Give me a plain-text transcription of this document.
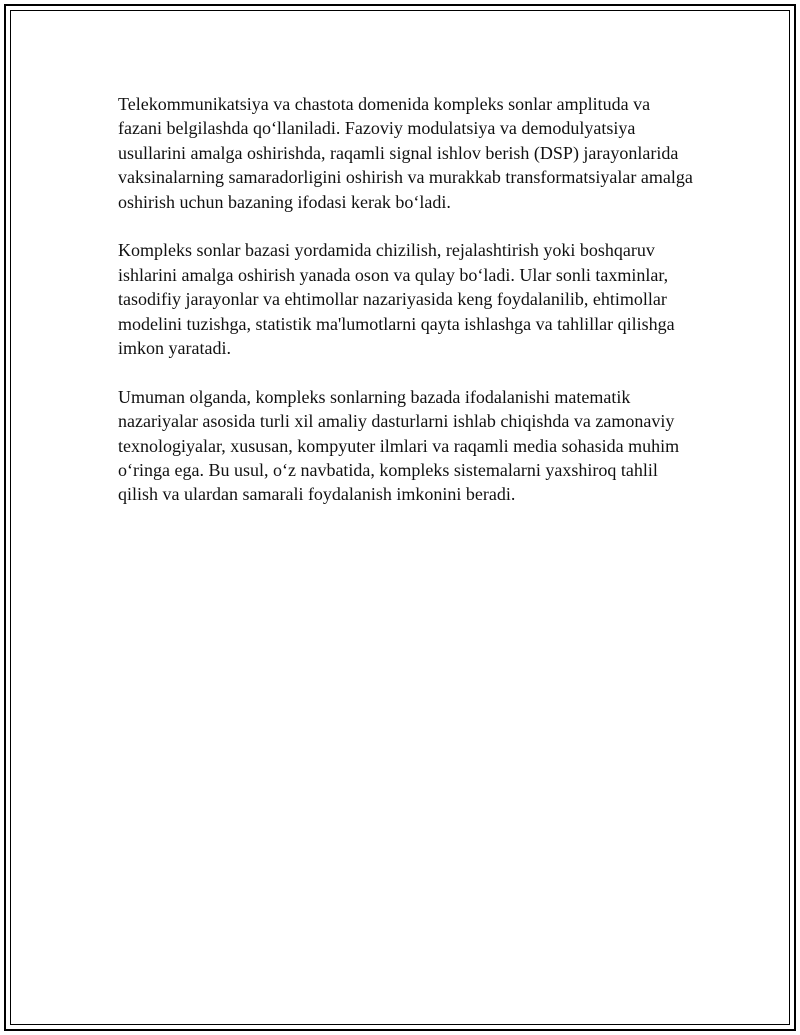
Telekommunikatsiya va chastota domenida kompleks sonlar amplituda va fazani belgilashda qo‘llaniladi. Fazoviy modulatsiya va demodulyatsiya usullarini amalga oshirishda, raqamli signal ishlov berish (DSP) jarayonlarida vaksinalarning samaradorligini oshirish va murakkab transformatsiyalar amalga oshirish uchun bazaning ifodasi kerak bo‘ladi.

Kompleks sonlar bazasi yordamida chizilish, rejalashtirish yoki boshqaruv ishlarini amalga oshirish yanada oson va qulay bo‘ladi. Ular sonli taxminlar, tasodifiy jarayonlar va ehtimollar nazariyasida keng foydalanilib, ehtimollar modelini tuzishga, statistik ma'lumotlarni qayta ishlashga va tahlillar qilishga imkon yaratadi.

Umuman olganda, kompleks sonlarning bazada ifodalanishi matematik nazariyalar asosida turli xil amaliy dasturlarni ishlab chiqishda va zamonaviy texnologiyalar, xususan, kompyuter ilmlari va raqamli media sohasida muhim o‘ringa ega. Bu usul, o‘z navbatida, kompleks sistemalarni yaxshiroq tahlil qilish va ulardan samarali foydalanish imkonini beradi.
